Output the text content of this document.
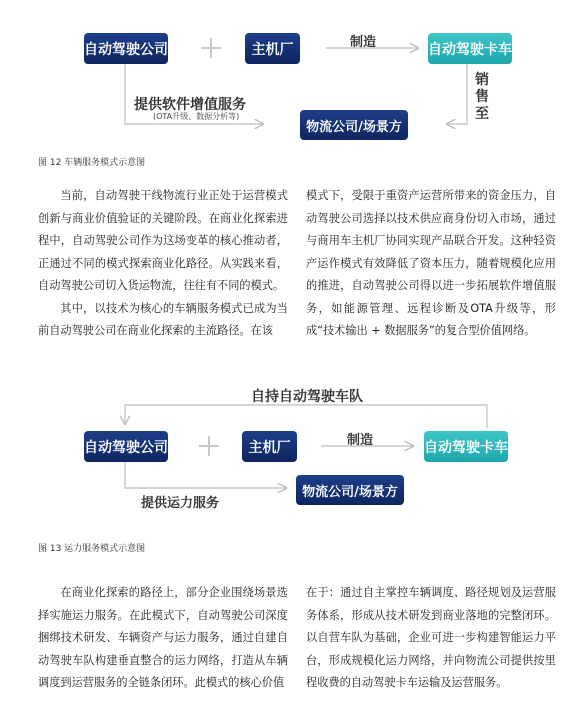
自动驾驶公司	主机厂	制造	自动驾驶卡车
提供软件增值服务
(OTA升级、数据分析等)
销售至
物流公司/场景方
图 12 车辆服务模式示意图

当前，自动驾驶干线物流行业正处于运营模式创新与商业价值验证的关键阶段。在商业化探索进程中，自动驾驶公司作为这场变革的核心推动者，正通过不同的模式探索商业化路径。从实践来看，自动驾驶公司切入货运物流，往往有不同的模式。

其中，以技术为核心的车辆服务模式已成为当前自动驾驶公司在商业化探索的主流路径。在该

模式下，受限于重资产运营所带来的资金压力，自动驾驶公司选择以技术供应商身份切入市场，通过与商用车主机厂协同实现产品联合开发。这种轻资产运作模式有效降低了资本压力，随着规模化应用的推进，自动驾驶公司得以进一步拓展软件增值服务，如能源管理、远程诊断及OTA升级等，形成“技术输出 + 数据服务”的复合型价值网络。

自持自动驾驶车队
自动驾驶公司	主机厂	制造	自动驾驶卡车
提供运力服务
物流公司/场景方
图 13 运力服务模式示意图

在商业化探索的路径上，部分企业围绕场景选择实施运力服务。在此模式下，自动驾驶公司深度捆绑技术研发、车辆资产与运力服务，通过自建自动驾驶车队构建垂直整合的运力网络，打造从车辆调度到运营服务的全链条闭环。此模式的核心价值

在于：通过自主掌控车辆调度、路径规划及运营服务体系，形成从技术研发到商业落地的完整闭环。以自营车队为基础，企业可进一步构建智能运力平台，形成规模化运力网络，并向物流公司提供按里程收费的自动驾驶卡车运输及运营服务。
